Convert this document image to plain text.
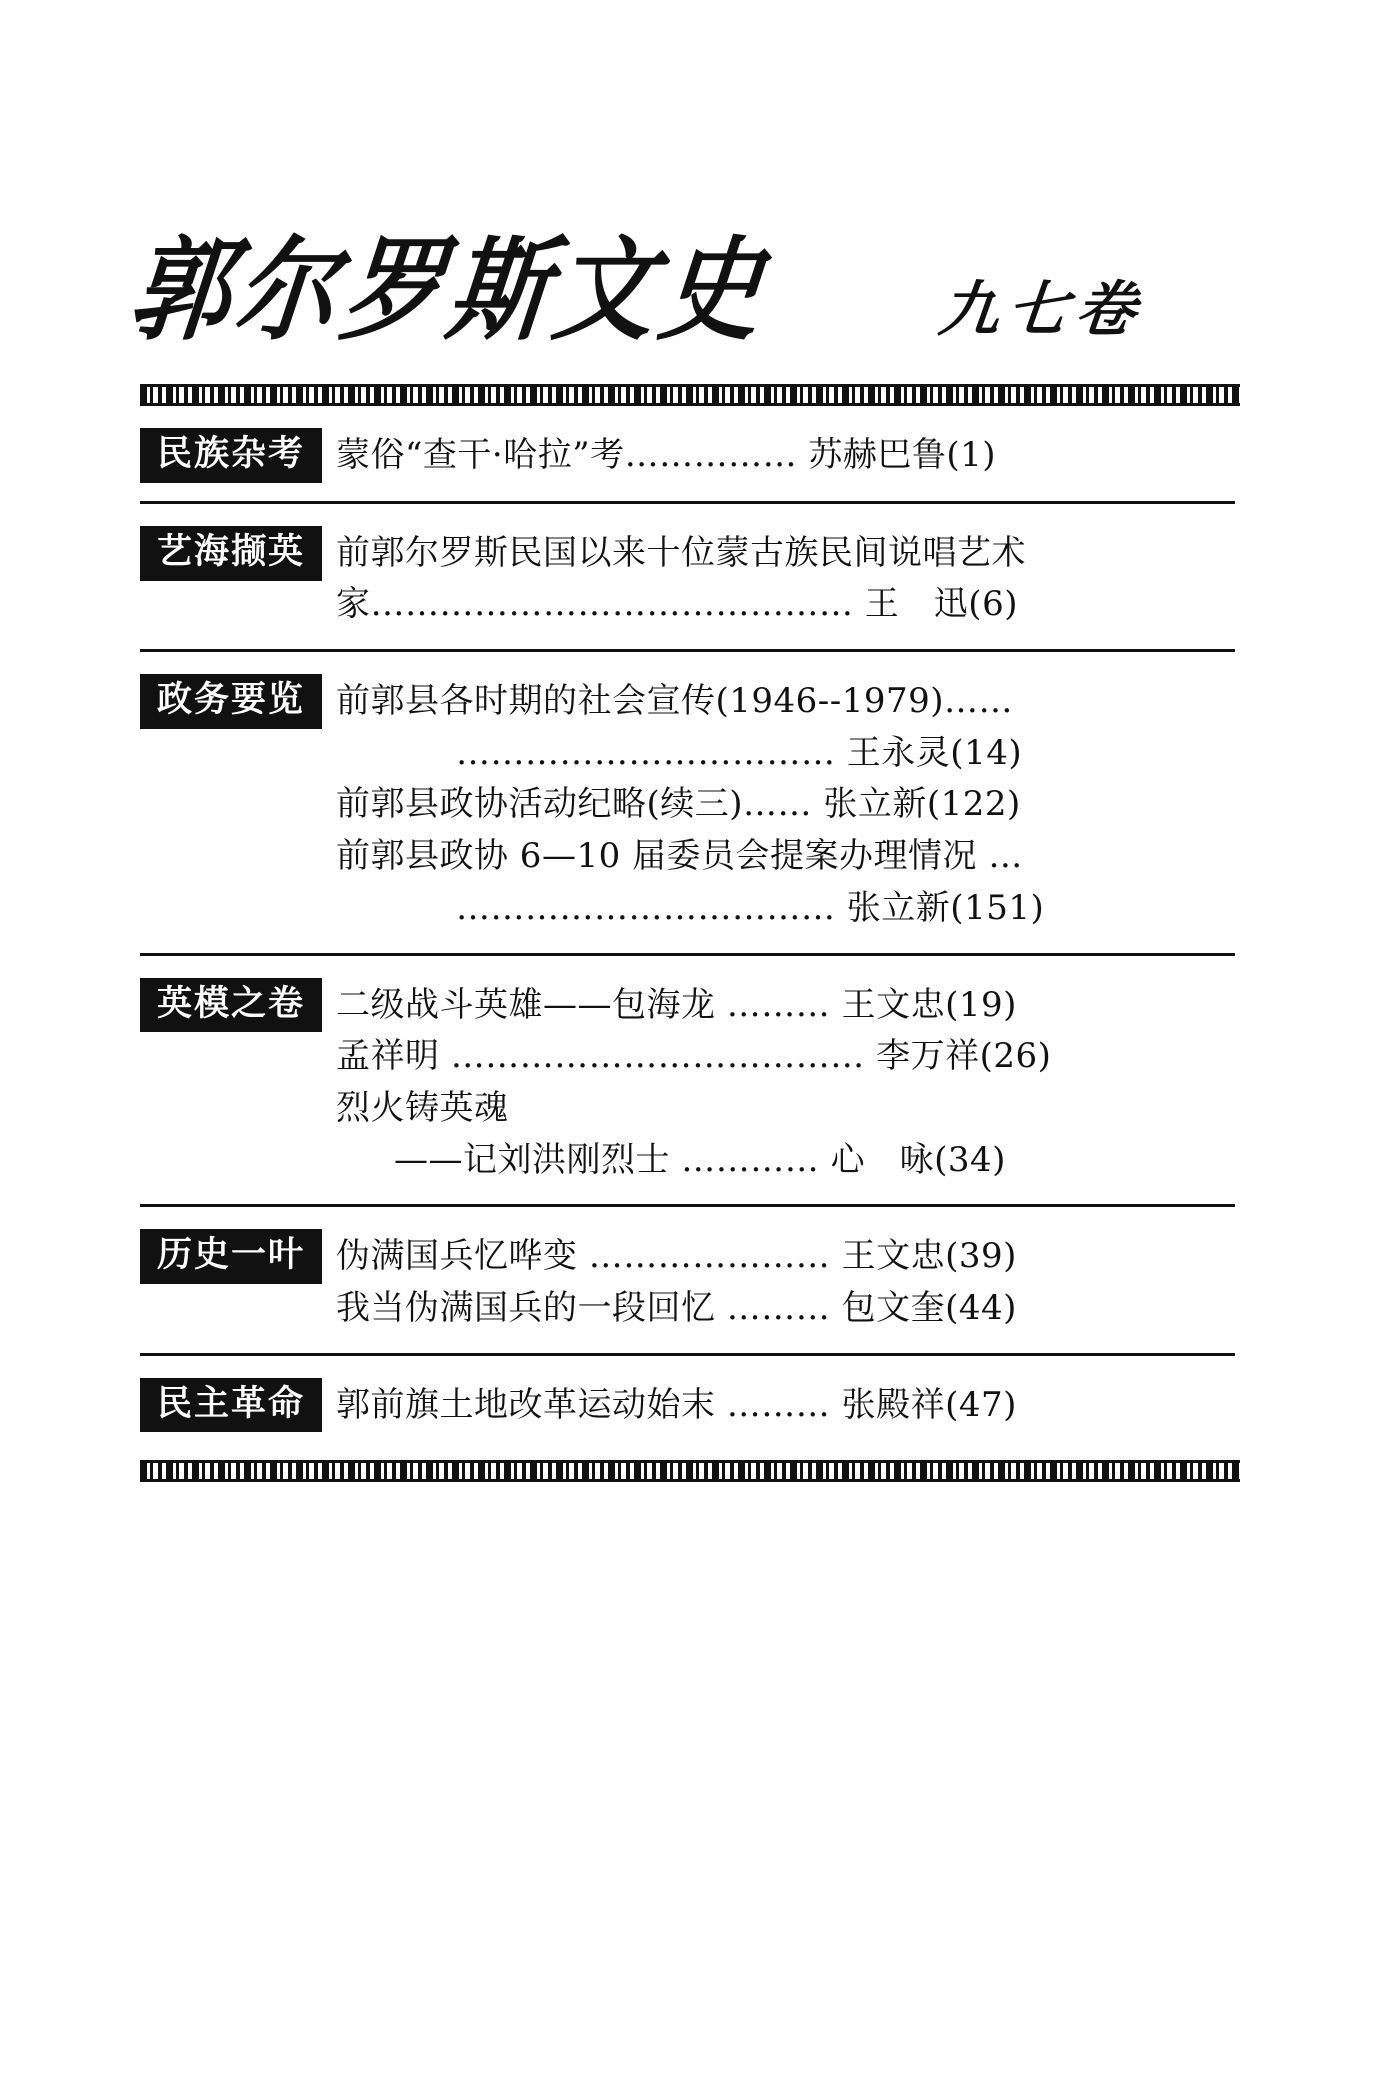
郭尔罗斯文史	九七卷
民族杂考 蒙俗“查干·哈拉”考…………… 苏赫巴鲁(1)
艺海撷英 前郭尔罗斯民国以来十位蒙古族民间说唱艺术
家…………………………………… 王　迅(6)
政务要览 前郭县各时期的社会宣传(1946--1979)……
…………………………… 王永灵(14)
前郭县政协活动纪略(续三)…… 张立新(122)
前郭县政协 6—10 届委员会提案办理情况 …
…………………………… 张立新(151)
英模之卷 二级战斗英雄——包海龙 ……… 王文忠(19)
孟祥明 ……………………………… 李万祥(26)
烈火铸英魂
——记刘洪刚烈士 ………… 心　咏(34)
历史一叶 伪满国兵忆哗变 ………………… 王文忠(39)
我当伪满国兵的一段回忆 ……… 包文奎(44)
民主革命 郭前旗土地改革运动始末 ……… 张殿祥(47)
